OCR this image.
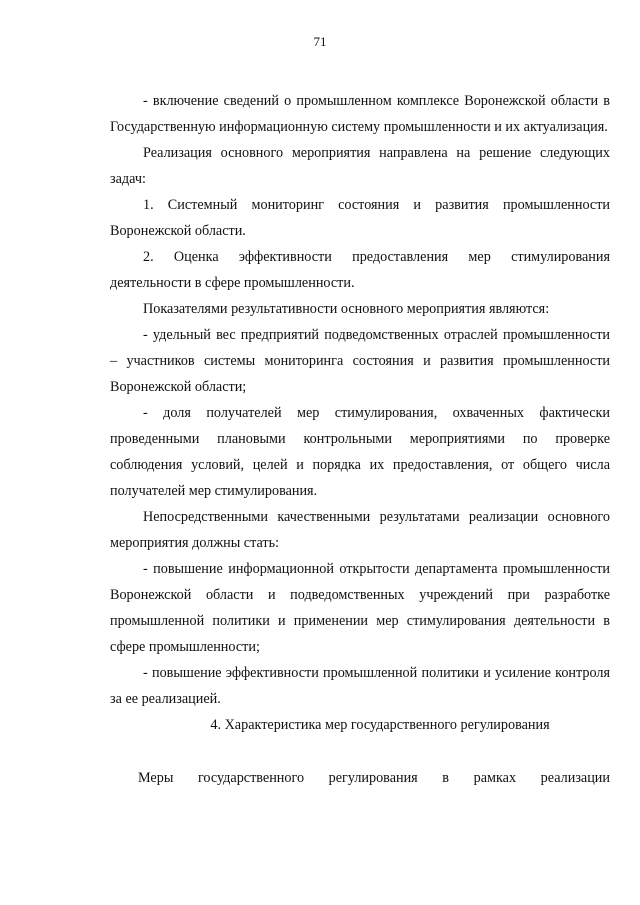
71

- включение сведений о промышленном комплексе Воронежской области в Государственную информационную систему промышленности и их актуализация.

Реализация основного мероприятия направлена на решение следующих задач:

1. Системный мониторинг состояния и развития промышленности Воронежской области.

2. Оценка эффективности предоставления мер стимулирования деятельности в сфере промышленности.

Показателями результативности основного мероприятия являются:

- удельный вес предприятий подведомственных отраслей промышленности – участников системы мониторинга состояния и развития промышленности Воронежской области;

- доля получателей мер стимулирования, охваченных фактически проведенными плановыми контрольными мероприятиями по проверке соблюдения условий, целей и порядка их предоставления, от общего числа получателей мер стимулирования.

Непосредственными качественными результатами реализации основного мероприятия должны стать:

- повышение информационной открытости департамента промышленности Воронежской области и подведомственных учреждений при разработке промышленной политики и применении мер стимулирования деятельности в сфере промышленности;

- повышение эффективности промышленной политики и усиление контроля за ее реализацией.

4. Характеристика мер государственного регулирования

Меры государственного регулирования в рамках реализации
